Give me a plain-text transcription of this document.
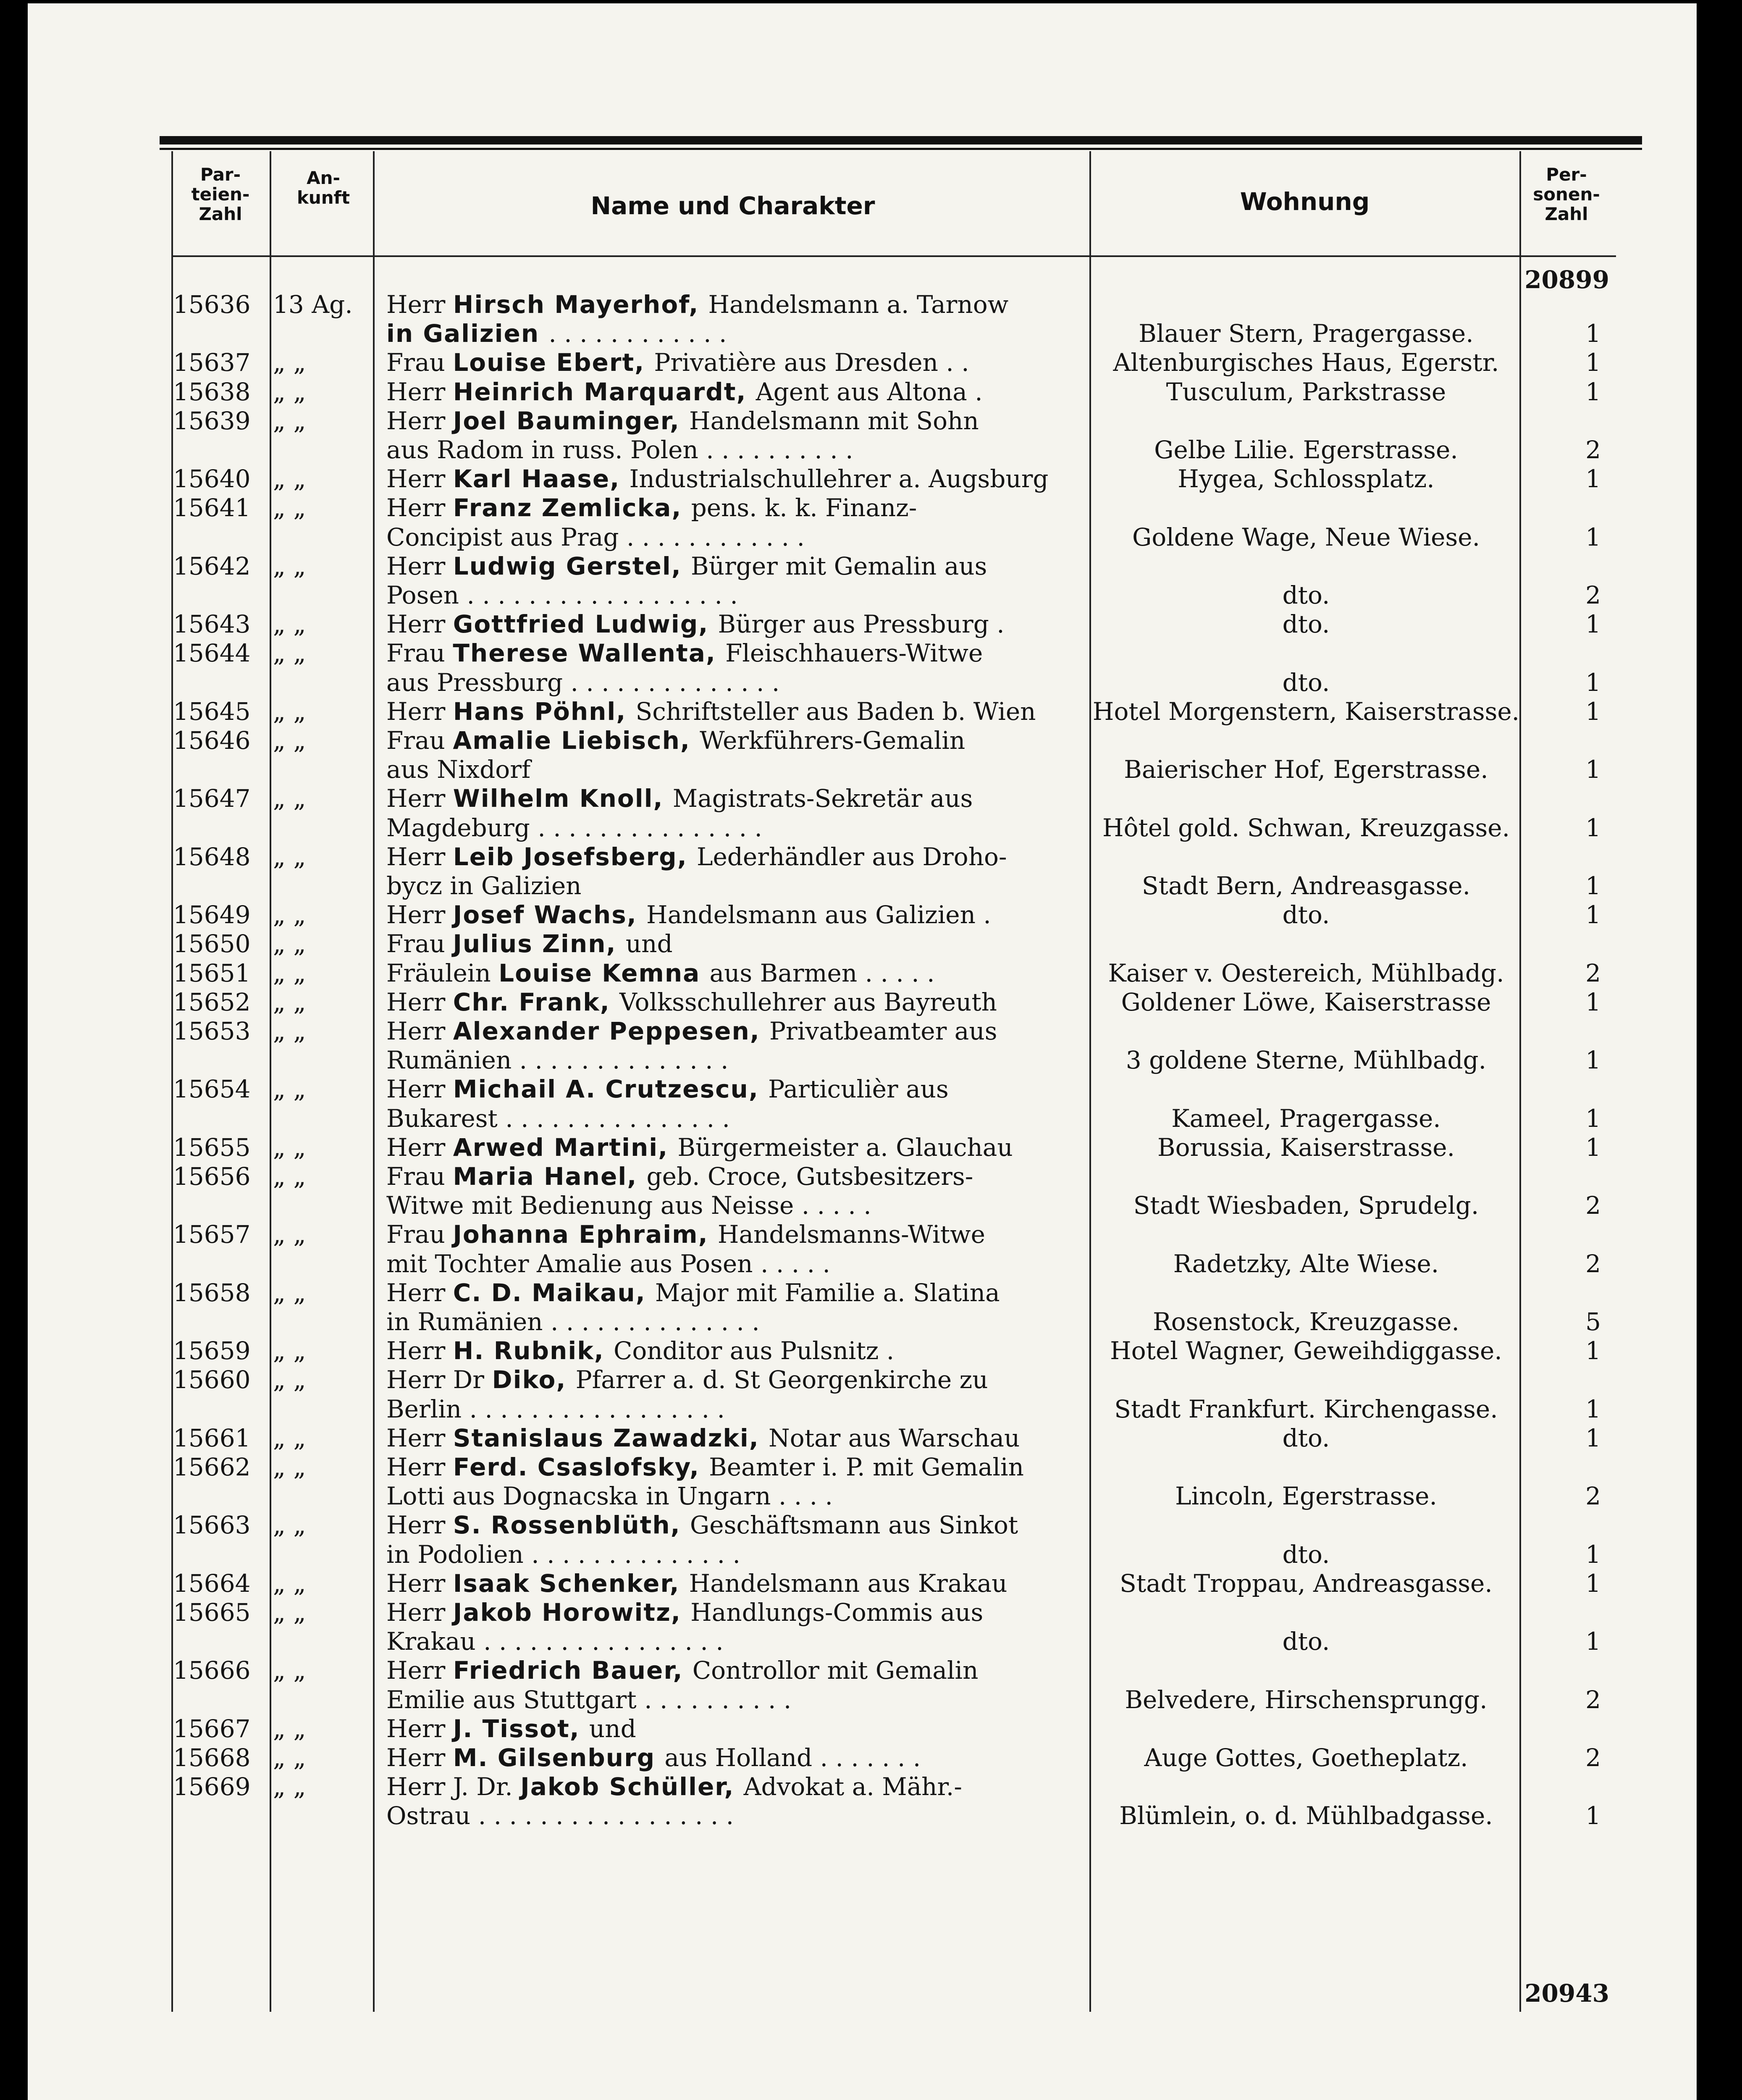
Par- teien- Zahl
An- kunft	Name und Charakter	Wohnung
Per- sonen- Zahl
20899
20943
15636 13 Ag.	Herr Hirsch Mayerhof, Handelsmann a. Tarnow
in Galizien . . . . . . . . . . . .	Blauer Stern, Pragergasse.	1
15637 „ „	Frau Louise Ebert, Privatière aus Dresden . .	Altenburgisches Haus, Egerstr.	1
15638 „ „	Herr Heinrich Marquardt, Agent aus Altona .	Tusculum, Parkstrasse	1
15639 „ „	Herr Joel Bauminger, Handelsmann mit Sohn
aus Radom in russ. Polen . . . . . . . . . .	Gelbe Lilie. Egerstrasse.	2
15640 „ „	Herr Karl Haase, Industrialschullehrer a. Augsburg	Hygea, Schlossplatz.	1
15641 „ „	Herr Franz Zemlicka, pens. k. k. Finanz-
Concipist aus Prag . . . . . . . . . . . .	Goldene Wage, Neue Wiese.	1
15642 „ „	Herr Ludwig Gerstel, Bürger mit Gemalin aus
Posen . . . . . . . . . . . . . . . . . .	dto.	2
15643 „ „	Herr Gottfried Ludwig, Bürger aus Pressburg .	dto.	1
15644 „ „	Frau Therese Wallenta, Fleischhauers-Witwe
aus Pressburg . . . . . . . . . . . . . .	dto.	1
15645 „ „	Herr Hans Pöhnl, Schriftsteller aus Baden b. Wien	Hotel Morgenstern, Kaiserstrasse.	1
15646 „ „	Frau Amalie Liebisch, Werkführers-Gemalin
aus Nixdorf	Baierischer Hof, Egerstrasse.	1
15647 „ „	Herr Wilhelm Knoll, Magistrats-Sekretär aus
Magdeburg . . . . . . . . . . . . . . .	Hôtel gold. Schwan, Kreuzgasse.	1
15648 „ „	Herr Leib Josefsberg, Lederhändler aus Droho-
bycz in Galizien	Stadt Bern, Andreasgasse.	1
15649 „ „	Herr Josef Wachs, Handelsmann aus Galizien .	dto.	1
15650 „ „	Frau Julius Zinn, und
15651 „ „	Fräulein Louise Kemna aus Barmen . . . . .	Kaiser v. Oestereich, Mühlbadg.	2
15652 „ „	Herr Chr. Frank, Volksschullehrer aus Bayreuth	Goldener Löwe, Kaiserstrasse	1
15653 „ „	Herr Alexander Peppesen, Privatbeamter aus
Rumänien . . . . . . . . . . . . . .	3 goldene Sterne, Mühlbadg.	1
15654 „ „	Herr Michail A. Crutzescu, Particulièr aus
Bukarest . . . . . . . . . . . . . . .	Kameel, Pragergasse.	1
15655 „ „	Herr Arwed Martini, Bürgermeister a. Glauchau	Borussia, Kaiserstrasse.	1
15656 „ „	Frau Maria Hanel, geb. Croce, Gutsbesitzers-
Witwe mit Bedienung aus Neisse . . . . .	Stadt Wiesbaden, Sprudelg.	2
15657 „ „	Frau Johanna Ephraim, Handelsmanns-Witwe
mit Tochter Amalie aus Posen . . . . .	Radetzky, Alte Wiese.	2
15658 „ „	Herr C. D. Maikau, Major mit Familie a. Slatina
in Rumänien . . . . . . . . . . . . . .	Rosenstock, Kreuzgasse.	5
15659 „ „	Herr H. Rubnik, Conditor aus Pulsnitz .	Hotel Wagner, Geweihdiggasse.	1
15660 „ „	Herr Dr Diko, Pfarrer a. d. St Georgenkirche zu
Berlin . . . . . . . . . . . . . . . . .	Stadt Frankfurt. Kirchengasse.	1
15661 „ „	Herr Stanislaus Zawadzki, Notar aus Warschau	dto.	1
15662 „ „	Herr Ferd. Csaslofsky, Beamter i. P. mit Gemalin
Lotti aus Dognacska in Ungarn . . . .	Lincoln, Egerstrasse.	2
15663 „ „	Herr S. Rossenblüth, Geschäftsmann aus Sinkot
in Podolien . . . . . . . . . . . . . .	dto.	1
15664 „ „	Herr Isaak Schenker, Handelsmann aus Krakau	Stadt Troppau, Andreasgasse.	1
15665 „ „	Herr Jakob Horowitz, Handlungs-Commis aus
Krakau . . . . . . . . . . . . . . . .	dto.	1
15666 „ „	Herr Friedrich Bauer, Controllor mit Gemalin
Emilie aus Stuttgart . . . . . . . . . .	Belvedere, Hirschensprungg.	2
15667 „ „	Herr J. Tissot, und
15668 „ „	Herr M. Gilsenburg aus Holland . . . . . . .	Auge Gottes, Goetheplatz.	2
15669 „ „	Herr J. Dr. Jakob Schüller, Advokat a. Mähr.-
Ostrau . . . . . . . . . . . . . . . . .	Blümlein, o. d. Mühlbadgasse.	1
